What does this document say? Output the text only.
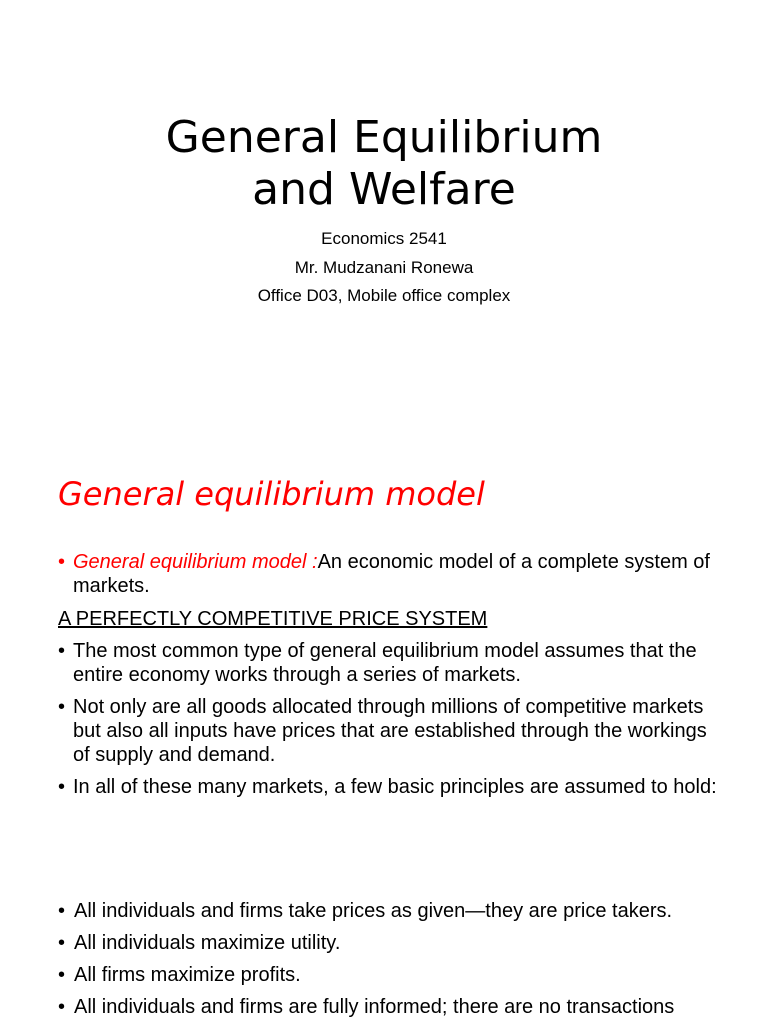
General Equilibrium
and Welfare
Economics 2541
Mr. Mudzanani Ronewa
Office D03, Mobile office complex
General equilibrium model
• General equilibrium model :An economic model of a complete system of markets.
A PERFECTLY COMPETITIVE PRICE SYSTEM
• The most common type of general equilibrium model assumes that the entire economy works through a series of markets.
• Not only are all goods allocated through millions of competitive markets but also all inputs have prices that are established through the workings of supply and demand.
• In all of these many markets, a few basic principles are assumed to hold:
• All individuals and firms take prices as given—they are price takers.
• All individuals maximize utility.
• All firms maximize profits.
• All individuals and firms are fully informed; there are no transactions
